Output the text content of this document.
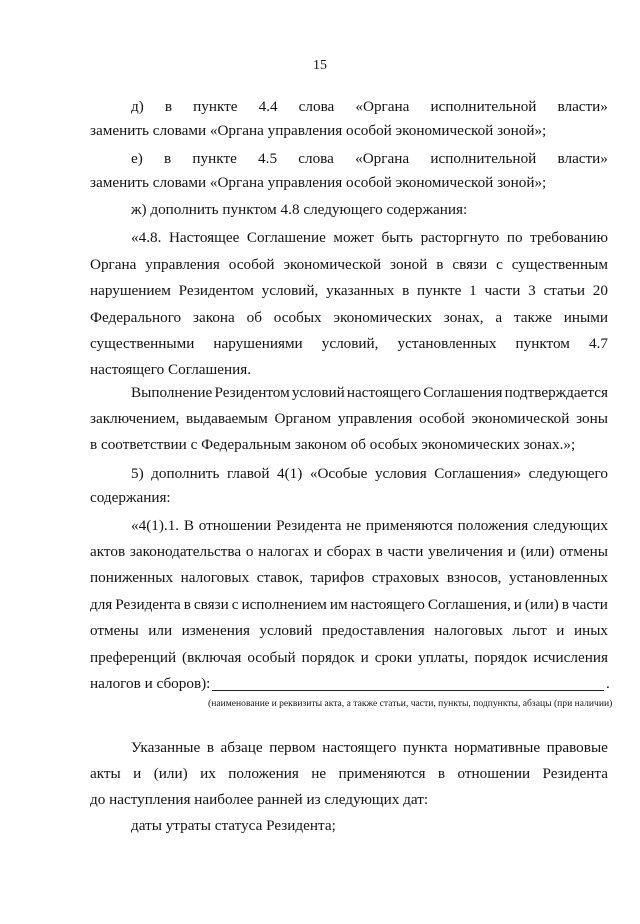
15
д) в пункте 4.4 слова «Органа исполнительной власти»
заменить словами «Органа управления особой экономической зоной»;
е) в пункте 4.5 слова «Органа исполнительной власти»
заменить словами «Органа управления особой экономической зоной»;
ж) дополнить пунктом 4.8 следующего содержания:
«4.8. Настоящее Соглашение может быть расторгнуто по требованию
Органа управления особой экономической зоной в связи с существенным
нарушением Резидентом условий, указанных в пункте 1 части 3 статьи 20
Федерального закона об особых экономических зонах, а также иными
существенными нарушениями условий, установленных пунктом 4.7
настоящего Соглашения.
Выполнение Резидентом условий настоящего Соглашения подтверждается
заключением, выдаваемым Органом управления особой экономической зоны
в соответствии с Федеральным законом об особых экономических зонах.»;
5) дополнить главой 4(1) «Особые условия Соглашения» следующего
содержания:
«4(1).1. В отношении Резидента не применяются положения следующих
актов законодательства о налогах и сборах в части увеличения и (или) отмены
пониженных налоговых ставок, тарифов страховых взносов, установленных
для Резидента в связи с исполнением им настоящего Соглашения, и (или) в части
отмены или изменения условий предоставления налоговых льгот и иных
преференций (включая особый порядок и сроки уплаты, порядок исчисления
налогов и сборов):	.
(наименование и реквизиты акта, а также статьи, части, пункты, подпункты, абзацы (при наличии)
Указанные в абзаце первом настоящего пункта нормативные правовые
акты и (или) их положения не применяются в отношении Резидента
до наступления наиболее ранней из следующих дат:
даты утраты статуса Резидента;
